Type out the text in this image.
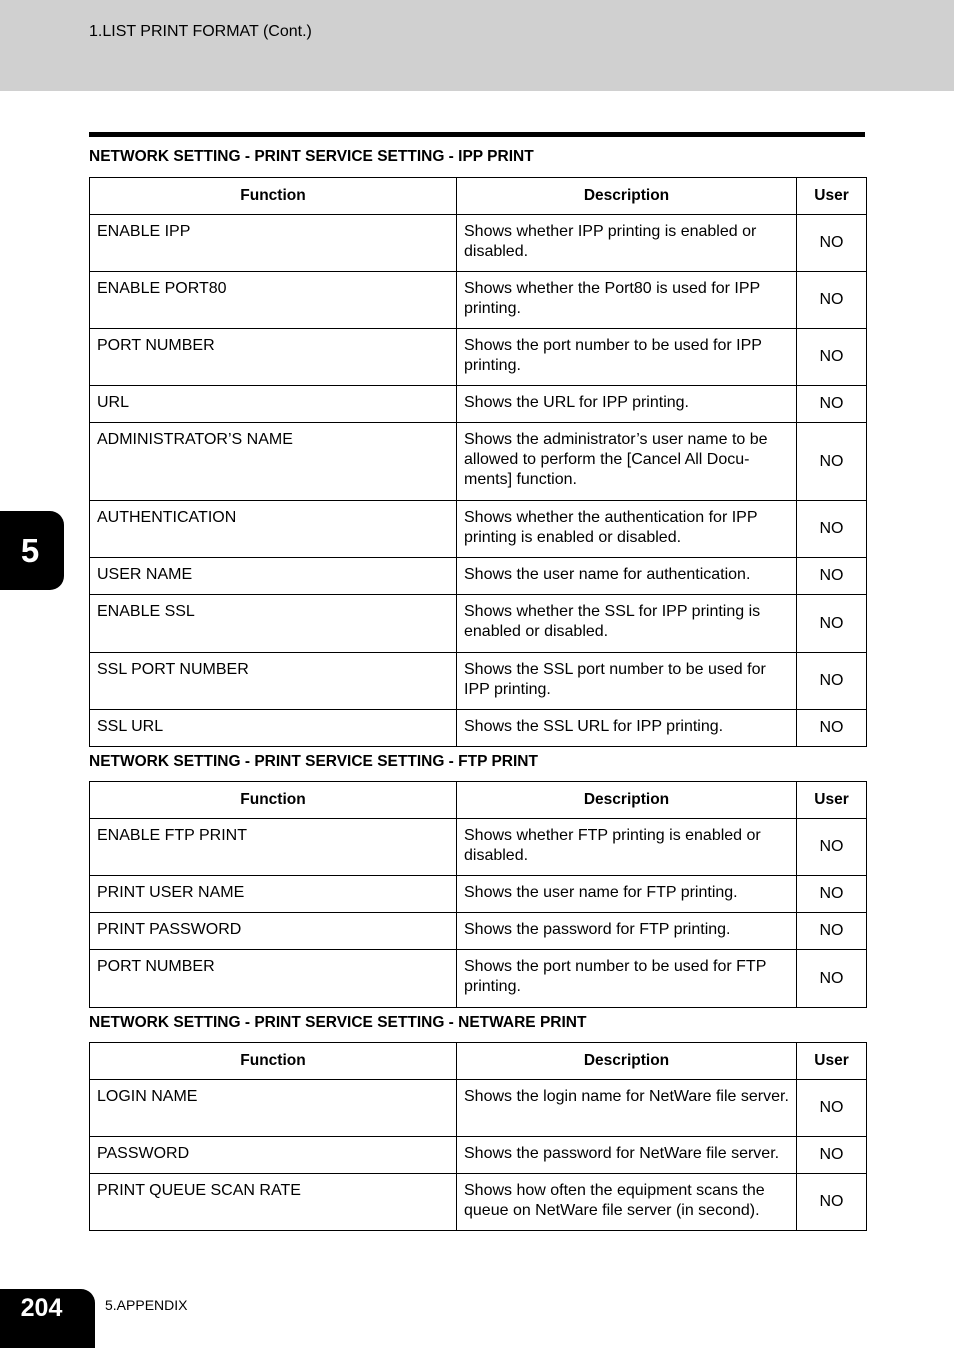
1.LIST PRINT FORMAT (Cont.)
NETWORK SETTING - PRINT SERVICE SETTING - IPP PRINT
Function	Description	User
ENABLE IPP	Shows whether IPP printing is enabled or disabled.	NO
ENABLE PORT80	Shows whether the Port80 is used for IPP printing.	NO
PORT NUMBER	Shows the port number to be used for IPP printing.	NO
URL	Shows the URL for IPP printing.	NO
ADMINISTRATOR’S NAME	Shows the administrator’s user name to be allowed to perform the [Cancel All Docu-ments] function.	NO
AUTHENTICATION	Shows whether the authentication for IPP printing is enabled or disabled.	NO
USER NAME	Shows the user name for authentication.	NO
ENABLE SSL	Shows whether the SSL for IPP printing is enabled or disabled.	NO
SSL PORT NUMBER	Shows the SSL port number to be used for IPP printing.	NO
SSL URL	Shows the SSL URL for IPP printing.	NO
NETWORK SETTING - PRINT SERVICE SETTING - FTP PRINT
Function	Description	User
ENABLE FTP PRINT	Shows whether FTP printing is enabled or disabled.	NO
PRINT USER NAME	Shows the user name for FTP printing.	NO
PRINT PASSWORD	Shows the password for FTP printing.	NO
PORT NUMBER	Shows the port number to be used for FTP printing.	NO
NETWORK SETTING - PRINT SERVICE SETTING - NETWARE PRINT
Function	Description	User
LOGIN NAME	Shows the login name for NetWare file server.	NO
PASSWORD	Shows the password for NetWare file server.	NO
PRINT QUEUE SCAN RATE	Shows how often the equipment scans the queue on NetWare file server (in second).	NO
5
204	5.APPENDIX
